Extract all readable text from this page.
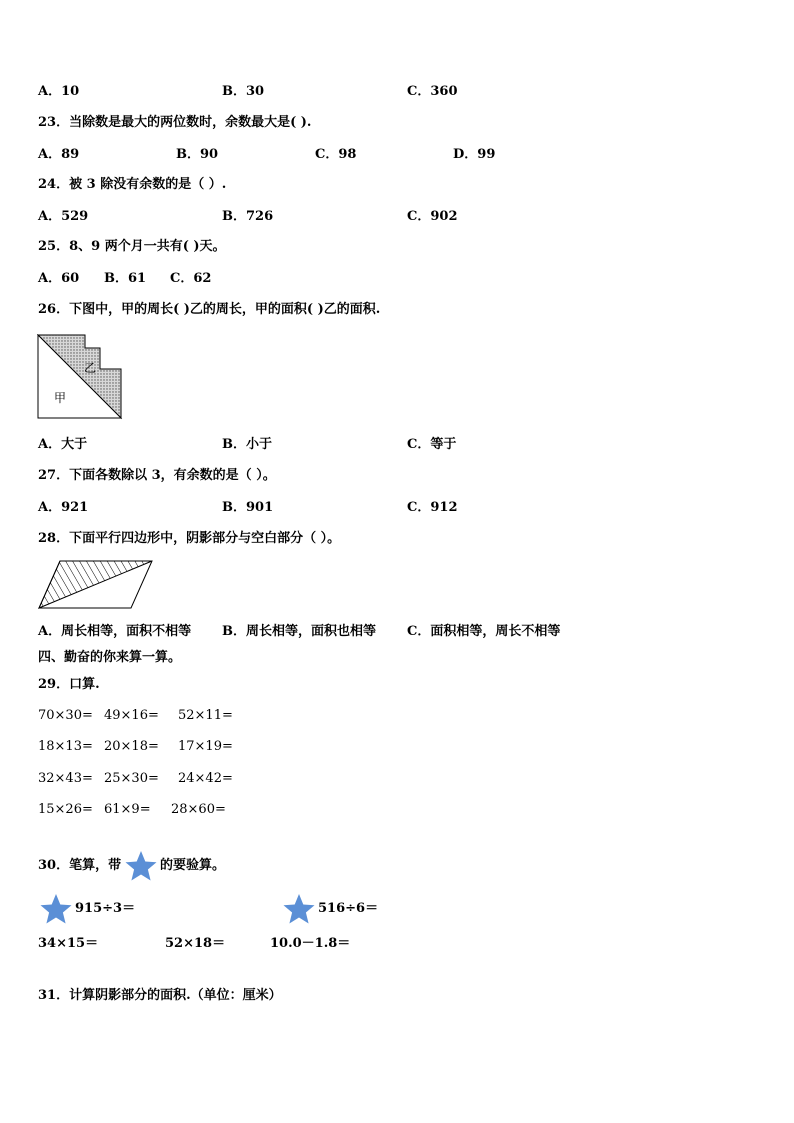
A．10	B．30	C．360
23．当除数是最大的两位数时，余数最大是( ).
A．89	B．90	C．98	D．99
24．被 3 除没有余数的是（ ）.
A．529	B．726	C．902
25．8、9 两个月一共有( )天。
A．60 B．61 C．62
26．下图中，甲的周长( )乙的周长，甲的面积( )乙的面积.
乙
甲
A．大于	B．小于	C．等于
27．下面各数除以 3，有余数的是（ ）。
A．921	B．901	C．912
28．下面平行四边形中，阴影部分与空白部分（ ）。
A．周长相等，面积不相等 B．周长相等，面积也相等 C．面积相等，周长不相等
四、勤奋的你来算一算。
29．口算.
70×30= 49×16= 52×11=
18×13= 20×18= 17×19=
32×43= 25×30= 24×42=
15×26= 61×9= 28×60=
30．笔算，带	的要验算。
915÷3＝	516÷6＝
34×15＝	52×18＝	10.0－1.8＝
31．计算阴影部分的面积.（单位：厘米）
